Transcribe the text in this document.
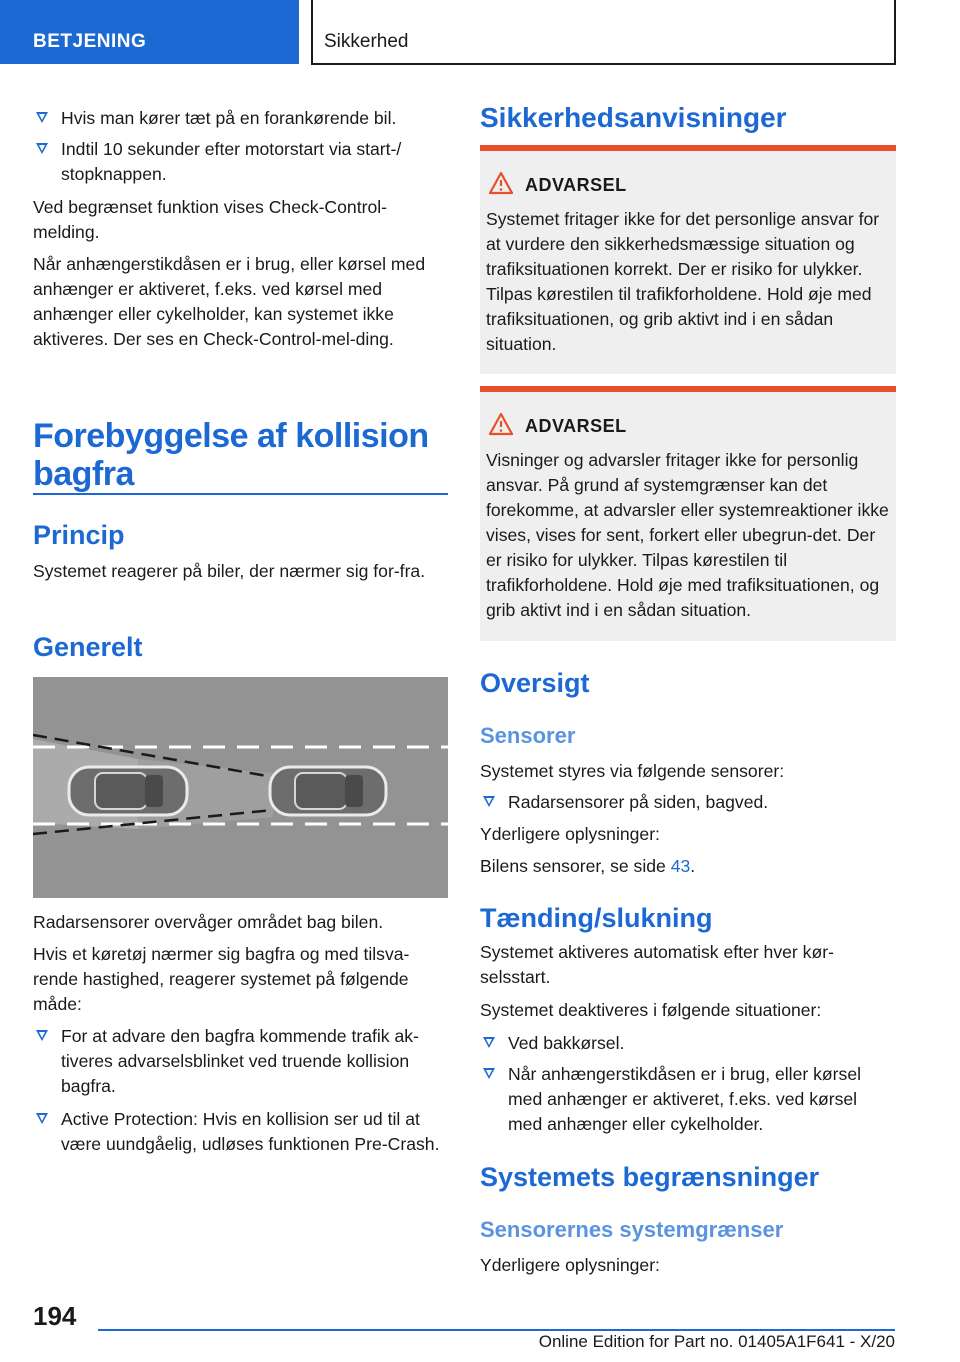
BETJENING	Sikkerhed
Hvis man kører tæt på en forankørende bil.
Indtil 10 sekunder efter motorstart via start-/ stopknappen.
Ved begrænset funktion vises Check-Control-melding.
Når anhængerstikdåsen er i brug, eller kørsel med anhænger er aktiveret, f.eks. ved kørsel med anhænger eller cykelholder, kan systemet ikke aktiveres. Der ses en Check-Control-mel-ding.
Forebyggelse af kollision bagfra
Princip
Systemet reagerer på biler, der nærmer sig for-fra.
Generelt
Radarsensorer overvåger området bag bilen.
Hvis et køretøj nærmer sig bagfra og med tilsva-rende hastighed, reagerer systemet på følgende måde:
For at advare den bagfra kommende trafik ak-tiveres advarselsblinket ved truende kollision bagfra.
Active Protection: Hvis en kollision ser ud til at være uundgåelig, udløses funktionen Pre-Crash.
Sikkerhedsanvisninger
ADVARSEL
Systemet fritager ikke for det personlige ansvar for at vurdere den sikkerhedsmæssige situation og trafiksituationen korrekt. Der er risiko for ulykker. Tilpas kørestilen til trafikforholdene. Hold øje med trafiksituationen, og grib aktivt ind i en sådan situation.
ADVARSEL
Visninger og advarsler fritager ikke for personlig ansvar. På grund af systemgrænser kan det forekomme, at advarsler eller systemreaktioner ikke vises, vises for sent, forkert eller ubegrun-det. Der er risiko for ulykker. Tilpas kørestilen til trafikforholdene. Hold øje med trafiksituationen, og grib aktivt ind i en sådan situation.
Oversigt
Sensorer
Systemet styres via følgende sensorer:
Radarsensorer på siden, bagved.
Yderligere oplysninger:
Bilens sensorer, se side 43.
Tænding/slukning
Systemet aktiveres automatisk efter hver kør-selsstart.
Systemet deaktiveres i følgende situationer:
Ved bakkørsel.
Når anhængerstikdåsen er i brug, eller kørsel med anhænger er aktiveret, f.eks. ved kørsel med anhænger eller cykelholder.
Systemets begrænsninger
Sensorernes systemgrænser
Yderligere oplysninger:
194
Online Edition for Part no. 01405A1F641 - X/20
